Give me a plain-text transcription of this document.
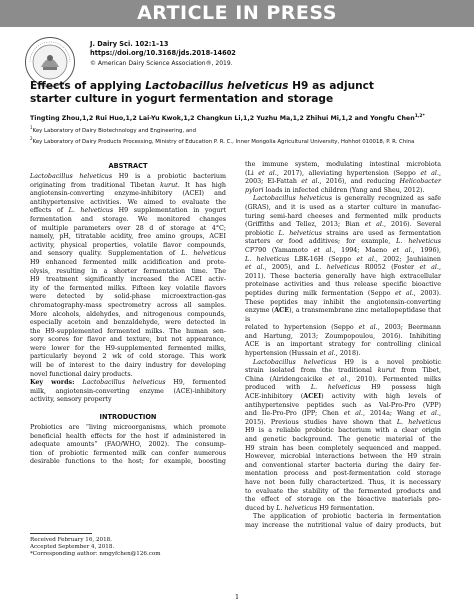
ARTICLE IN PRESS
J. Dairy Sci. 102:1–13
https://doi.org/10.3168/jds.2018-14602
© American Dairy Science Association®, 2019.
Effects of applying Lactobacillus helveticus H9 as adjunct
starter culture in yogurt fermentation and storage
Tingting Zhou,1,2 Rui Huo,1,2 Lai-Yu Kwok,1,2 Changkun Li,1,2 Yuzhu Ma,1,2 Zhihui Mi,1,2 and Yongfu Chen$^{1,2*}$
$^1$Key Laboratory of Dairy Biotechnology and Engineering, and
$^2$Key Laboratory of Dairy Products Processing, Ministry of Education P. R. C., Inner Mongolia Agricultural University, Hohhot 010018, P. R. China
ABSTRACT
Lactobacillus helveticus H9 is a probiotic bacterium
originating from traditional Tibetan kurut. It has high
angiotensin-converting enzyme-inhibitory (ACEI) and
antihypertensive activities. We aimed to evaluate the
effects of L. helveticus H9 supplementation in yogurt
fermentation and storage. We monitored changes
of multiple parameters over 28 d of storage at 4°C;
namely, pH, titratable acidity, free amino groups, ACEI
activity, physical properties, volatile flavor compounds,
and sensory quality. Supplementation of L. helveticus
H9 enhanced fermented milk acidification and prote-
olysis, resulting in a shorter fermentation time. The
H9 treatment significantly increased the ACEI activ-
ity of the fermented milks. Fifteen key volatile flavors
were detected by solid-phase microextraction-gas
chromatography-mass spectrometry across all samples.
More alcohols, aldehydes, and nitrogenous compounds,
especially acetoin and benzaldehyde, were detected in
the H9-supplemented fermented milks. The human sen-
sory scores for flavor and texture, but not appearance,
were lower for the H9-supplemented fermented milks,
particularly beyond 2 wk of cold storage. This work
will be of interest to the dairy industry for developing
novel functional dairy products.
Key words: Lactobacillus helveticus H9, fermented
milk, angiotensin-converting enzyme (ACE)-inhibitory
activity, sensory property
INTRODUCTION
Probiotics are “living microorganisms, which promote
beneficial health effects for the host if administered in
adequate amounts” (FAO/WHO, 2002). The consump-
tion of probiotic fermented milk can confer numerous
desirable functions to the host; for example, boosting
Received February 16, 2018.
Accepted September 4, 2018.
*Corresponding author: nmgyfchen@126.com
the immune system, modulating intestinal microbiota
(Li et al., 2017), alleviating hypertension (Seppo et al.,
2003; El-Fattah et al., 2016), and reducing Helicobacter
pylori loads in infected children (Yang and Sheu, 2012).
Lactobacillus helveticus is generally recognized as safe
(GRAS), and it is used as a starter culture in manufac-
turing semi-hard cheeses and fermented milk products
(Griffiths and Tellez, 2013; Bian et al., 2016). Several
probiotic L. helveticus strains are used as fermentation
starters or food additives; for example, L. helveticus
CP790 (Yamamoto et al., 1994; Maeno et al., 1996),
L. helveticus LBK-16H (Seppo et al., 2002; Jauhiainen
et al., 2005), and L. helveticus R0052 (Foster et al.,
2011). These bacteria generally have high extracellular
proteinase activities and thus release specific bioactive
peptides during milk fermentation (Seppo et al., 2003).
These peptides may inhibit the angiotensin-converting
enzyme (ACE), a transmembrane zinc metallopeptidase that is
related to hypertension (Seppo et al., 2003; Beermann
and Hartung, 2013; Zoumpopoulou, 2016). Inhibiting
ACE is an important strategy for controlling clinical
hypertension (Hussain et al., 2018).
Lactobacillus helveticus H9 is a novel probiotic
strain isolated from the traditional kurut from Tibet,
China (Airidengcaicike et al., 2010). Fermented milks
produced with L. helveticus H9 possess high
ACE-inhibitory (ACEI) activity with high levels of
antihypertensive peptides such as Val-Pro-Pro (VPP)
and Ile-Pro-Pro (IPP; Chen et al., 2014a; Wang et al.,
2015). Previous studies have shown that L. helveticus
H9 is a reliable probiotic bacterium with a clear origin
and genetic background. The genetic material of the
H9 strain has been completely sequenced and mapped.
However, microbial interactions between the H9 strain
and conventional starter bacteria during the dairy fer-
mentation process and post-fermentation cold storage
have not been fully characterized. Thus, it is necessary
to evaluate the stability of the fermented products and
the effect of storage on the bioactive materials pro-
duced by L. helveticus H9 fermentation.
The application of probiotic bacteria in fermentation
may increase the nutritional value of dairy products, but
1
